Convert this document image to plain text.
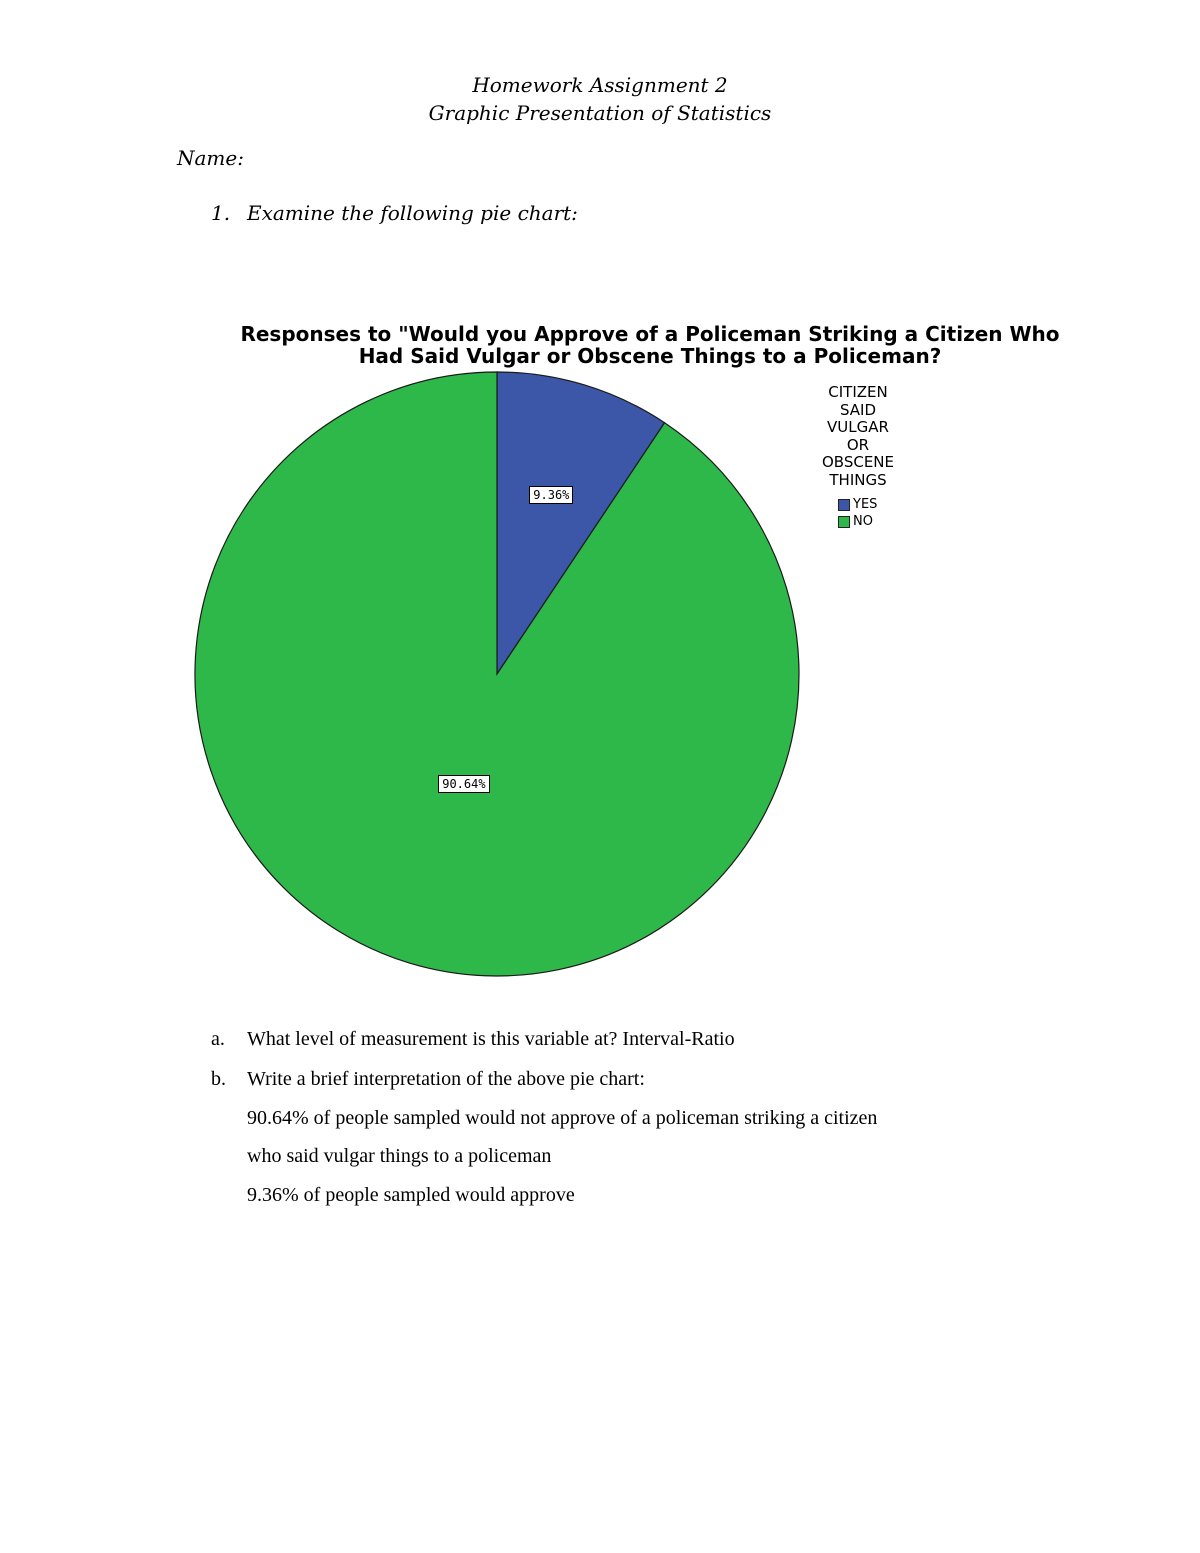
Homework Assignment 2

Graphic Presentation of Statistics

Name:
1. Examine the following pie chart:

Responses to "Would you Approve of a Policeman Striking a Citizen Who

Had Said Vulgar or Obscene Things to a Policeman?

9.36%
90.64%
CITIZEN
SAID
VULGAR
OR
OBSCENE
THINGS
YES
NO
a. What level of measurement is this variable at? Interval-Ratio
b. Write a brief interpretation of the above pie chart:
90.64% of people sampled would not approve of a policeman striking a citizen
who said vulgar things to a policeman
9.36% of people sampled would approve
